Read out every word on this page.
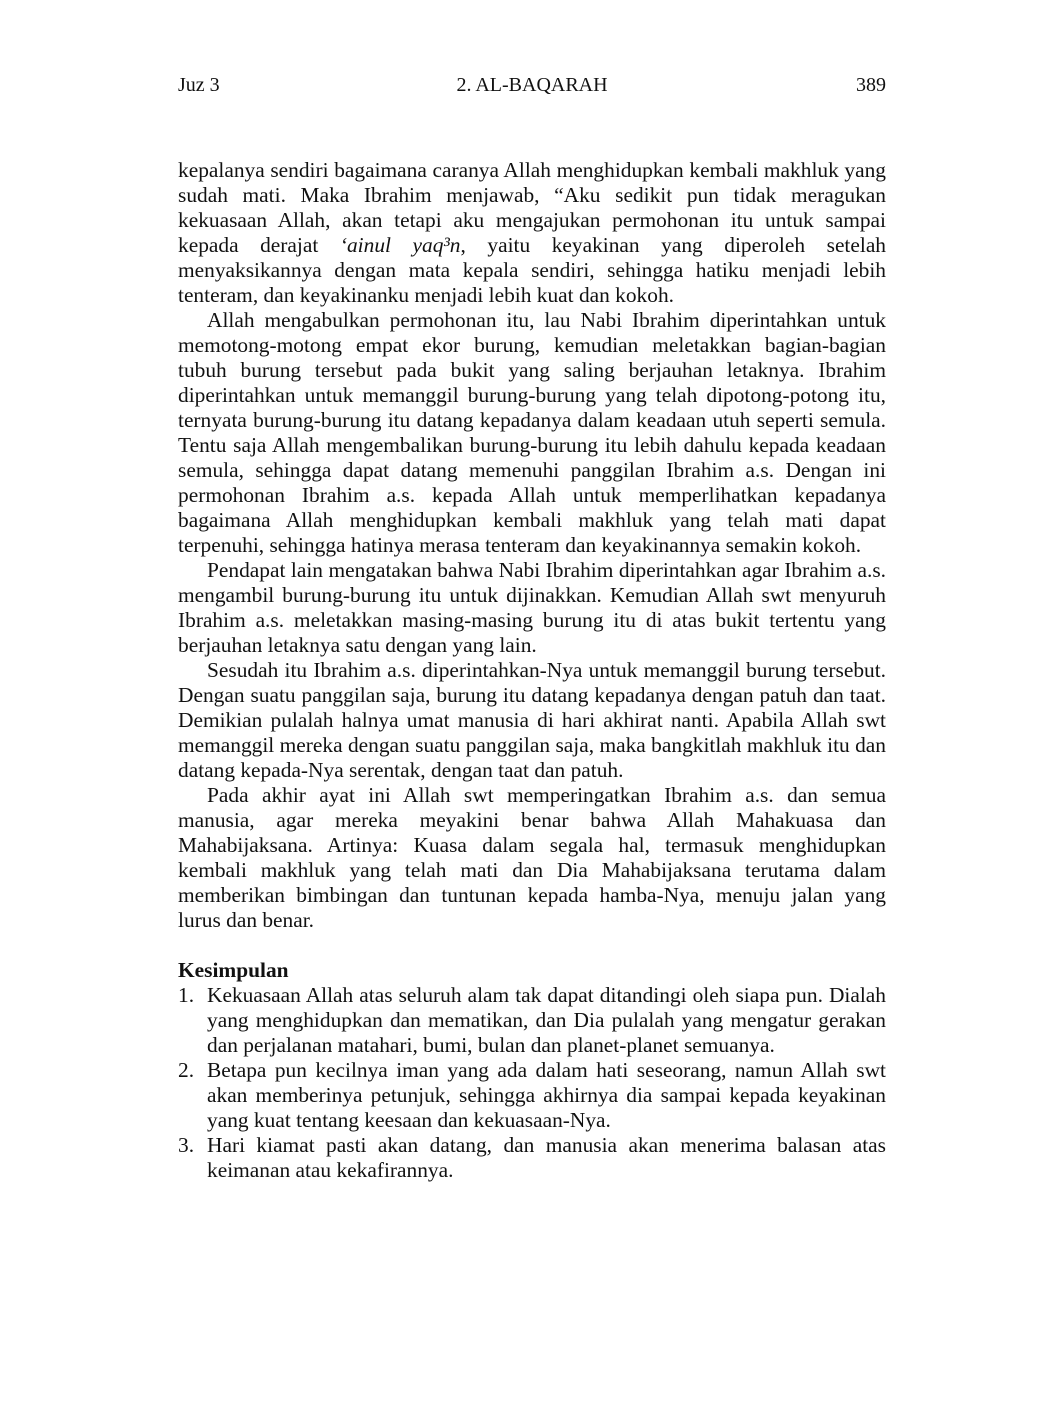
Juz 3	2. AL-BAQARAH	389

kepalanya sendiri bagaimana caranya Allah menghidupkan kembali makhluk yang sudah mati. Maka Ibrahim menjawab, “Aku sedikit pun tidak meragukan kekuasaan Allah, akan tetapi aku mengajukan permohonan itu untuk sampai kepada derajat ‘ainul yaq³n, yaitu keyakinan yang diperoleh setelah menyaksikannya dengan mata kepala sendiri, sehingga hatiku menjadi lebih tenteram, dan keyakinanku menjadi lebih kuat dan kokoh.

Allah mengabulkan permohonan itu, lau Nabi Ibrahim diperintahkan untuk memotong-motong empat ekor burung, kemudian meletakkan bagian-bagian tubuh burung tersebut pada bukit yang saling berjauhan letaknya. Ibrahim diperintahkan untuk memanggil burung-burung yang telah dipotong-potong itu, ternyata burung-burung itu datang kepadanya dalam keadaan utuh seperti semula. Tentu saja Allah mengembalikan burung-burung itu lebih dahulu kepada keadaan semula, sehingga dapat datang memenuhi panggilan Ibrahim a.s. Dengan ini permohonan Ibrahim a.s. kepada Allah untuk memperlihatkan kepadanya bagaimana Allah menghidupkan kembali makhluk yang telah mati dapat terpenuhi, sehingga hatinya merasa tenteram dan keyakinannya semakin kokoh.

Pendapat lain mengatakan bahwa Nabi Ibrahim diperintahkan agar Ibrahim a.s. mengambil burung-burung itu untuk dijinakkan. Kemudian Allah swt menyuruh Ibrahim a.s. meletakkan masing-masing burung itu di atas bukit tertentu yang berjauhan letaknya satu dengan yang lain.

Sesudah itu Ibrahim a.s. diperintahkan-Nya untuk memanggil burung tersebut. Dengan suatu panggilan saja, burung itu datang kepadanya dengan patuh dan taat. Demikian pulalah halnya umat manusia di hari akhirat nanti. Apabila Allah swt memanggil mereka dengan suatu panggilan saja, maka bangkitlah makhluk itu dan datang kepada-Nya serentak, dengan taat dan patuh.

Pada akhir ayat ini Allah swt memperingatkan Ibrahim a.s. dan semua manusia, agar mereka meyakini benar bahwa Allah Mahakuasa dan Mahabijaksana. Artinya: Kuasa dalam segala hal, termasuk menghidupkan kembali makhluk yang telah mati dan Dia Mahabijaksana terutama dalam memberikan bimbingan dan tuntunan kepada hamba-Nya, menuju jalan yang lurus dan benar.

Kesimpulan
1. Kekuasaan Allah atas seluruh alam tak dapat ditandingi oleh siapa pun. Dialah yang menghidupkan dan mematikan, dan Dia pulalah yang mengatur gerakan dan perjalanan matahari, bumi, bulan dan planet-planet semuanya.
2. Betapa pun kecilnya iman yang ada dalam hati seseorang, namun Allah swt akan memberinya petunjuk, sehingga akhirnya dia sampai kepada keyakinan yang kuat tentang keesaan dan kekuasaan-Nya.
3. Hari kiamat pasti akan datang, dan manusia akan menerima balasan atas keimanan atau kekafirannya.
